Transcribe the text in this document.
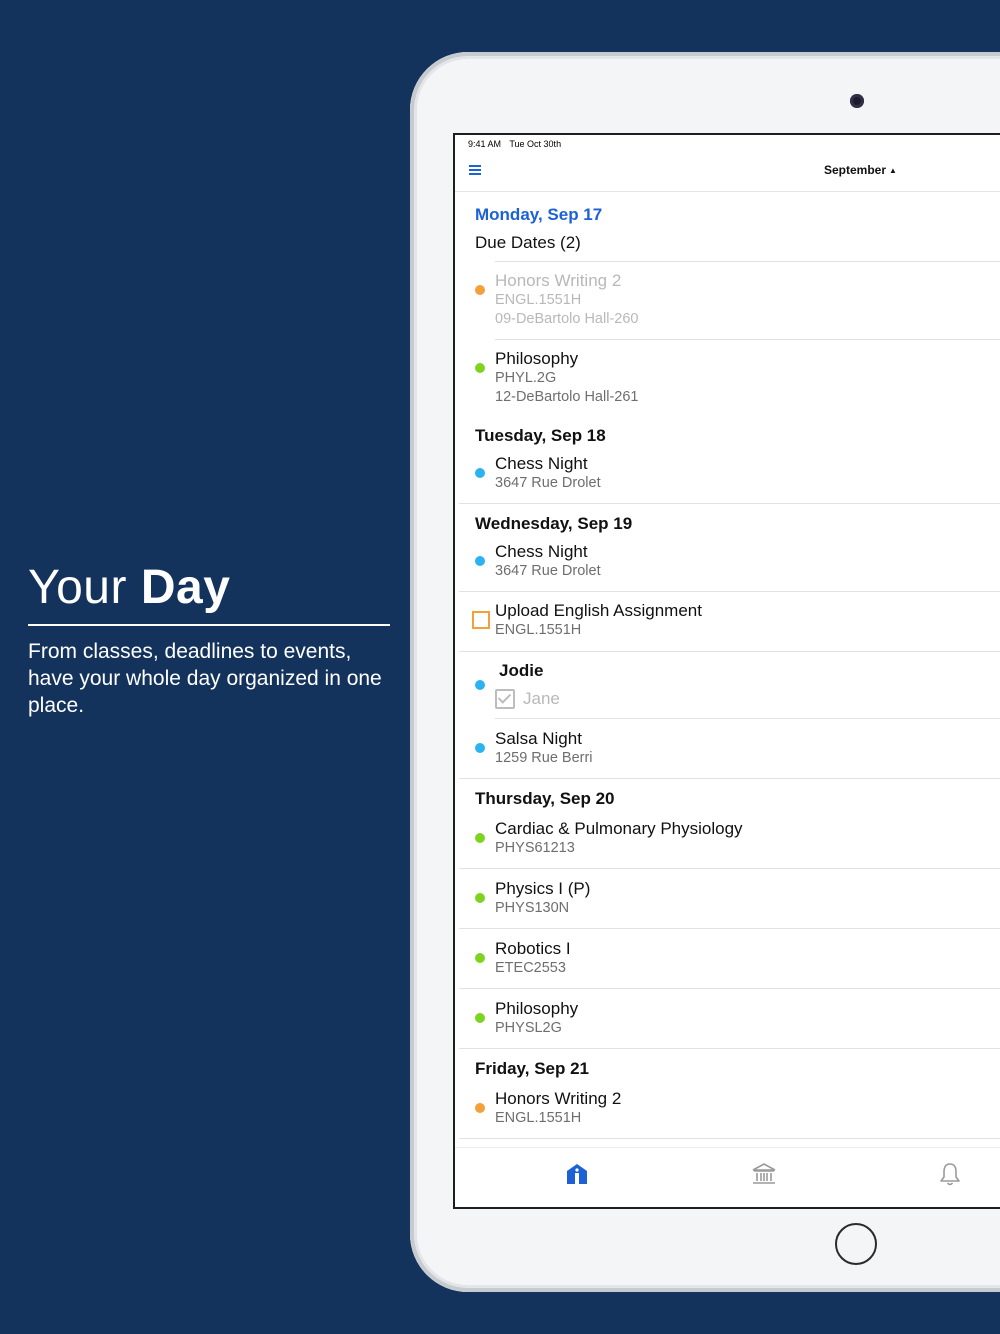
Your Day

From classes, deadlines to events, have your whole day organized in one place.

9:41 AM Tue Oct 30th
September ▲
Monday, Sep 17
Due Dates (2)
Honors Writing 2
ENGL.1551H
09-DeBartolo Hall-260
Philosophy
PHYL.2G
12-DeBartolo Hall-261
Tuesday, Sep 18
Chess Night
3647 Rue Drolet
Wednesday, Sep 19
Chess Night
3647 Rue Drolet
Upload English Assignment
ENGL.1551H
Jodie
Jane
Salsa Night
1259 Rue Berri
Thursday, Sep 20
Cardiac & Pulmonary Physiology
PHYS61213
Physics I (P)
PHYS130N
Robotics I
ETEC2553
Philosophy
PHYSL2G
Friday, Sep 21
Honors Writing 2
ENGL.1551H
